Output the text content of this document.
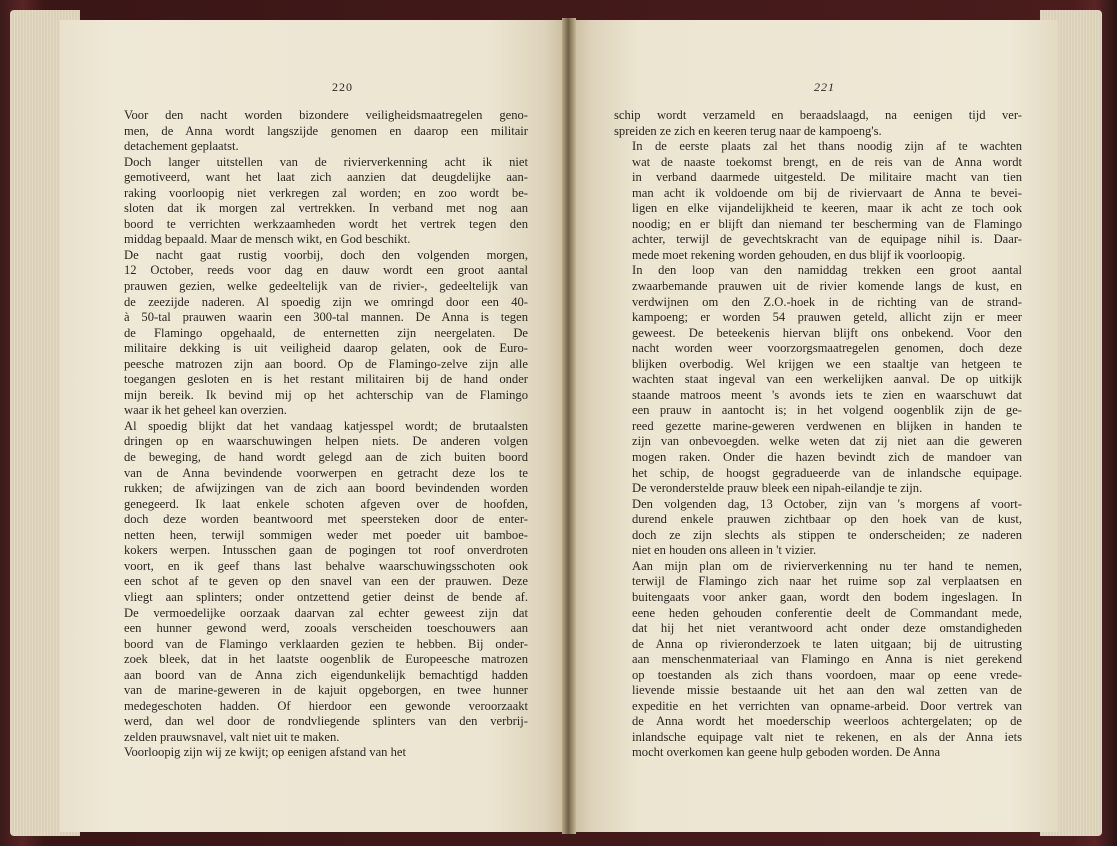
220	221

Voor den nacht worden bizondere veiligheidsmaatregelen geno-
men, de Anna wordt langszijde genomen en daarop een militair
detachement geplaatst.

Doch langer uitstellen van de rivierverkenning acht ik niet
gemotiveerd, want het laat zich aanzien dat deugdelijke aan-
raking voorloopig niet verkregen zal worden; en zoo wordt be-
sloten dat ik morgen zal vertrekken. In verband met nog aan
boord te verrichten werkzaamheden wordt het vertrek tegen den
middag bepaald. Maar de mensch wikt, en God beschikt.

De nacht gaat rustig voorbij, doch den volgenden morgen,
12 October, reeds voor dag en dauw wordt een groot aantal
prauwen gezien, welke gedeeltelijk van de rivier-, gedeeltelijk van
de zeezijde naderen. Al spoedig zijn we omringd door een 40-
à 50-tal prauwen waarin een 300-tal mannen. De Anna is tegen
de Flamingo opgehaald, de enternetten zijn neergelaten. De
militaire dekking is uit veiligheid daarop gelaten, ook de Euro-
peesche matrozen zijn aan boord. Op de Flamingo-zelve zijn alle
toegangen gesloten en is het restant militairen bij de hand onder
mijn bereik. Ik bevind mij op het achterschip van de Flamingo
waar ik het geheel kan overzien.

Al spoedig blijkt dat het vandaag katjesspel wordt; de brutaalsten
dringen op en waarschuwingen helpen niets. De anderen volgen
de beweging, de hand wordt gelegd aan de zich buiten boord
van de Anna bevindende voorwerpen en getracht deze los te
rukken; de afwijzingen van de zich aan boord bevindenden worden
genegeerd. Ik laat enkele schoten afgeven over de hoofden,
doch deze worden beantwoord met speersteken door de enter-
netten heen, terwijl sommigen weder met poeder uit bamboe-
kokers werpen. Intusschen gaan de pogingen tot roof onverdroten
voort, en ik geef thans last behalve waarschuwingsschoten ook
een schot af te geven op den snavel van een der prauwen. Deze
vliegt aan splinters; onder ontzettend getier deinst de bende af.
De vermoedelijke oorzaak daarvan zal echter geweest zijn dat
een hunner gewond werd, zooals verscheiden toeschouwers aan
boord van de Flamingo verklaarden gezien te hebben. Bij onder-
zoek bleek, dat in het laatste oogenblik de Europeesche matrozen
aan boord van de Anna zich eigendunkelijk bemachtigd hadden
van de marine-geweren in de kajuit opgeborgen, en twee hunner
medegeschoten hadden. Of hierdoor een gewonde veroorzaakt
werd, dan wel door de rondvliegende splinters van den verbrij-
zelden prauwsnavel, valt niet uit te maken.

Voorloopig zijn wij ze kwijt; op eenigen afstand van het

schip wordt verzameld en beraadslaagd, na eenigen tijd ver-
spreiden ze zich en keeren terug naar de kampoeng's.

In de eerste plaats zal het thans noodig zijn af te wachten
wat de naaste toekomst brengt, en de reis van de Anna wordt
in verband daarmede uitgesteld. De militaire macht van tien
man acht ik voldoende om bij de riviervaart de Anna te bevei-
ligen en elke vijandelijkheid te keeren, maar ik acht ze toch ook
noodig; en er blijft dan niemand ter bescherming van de Flamingo
achter, terwijl de gevechtskracht van de equipage nihil is. Daar-
mede moet rekening worden gehouden, en dus blijf ik voorloopig.

In den loop van den namiddag trekken een groot aantal
zwaarbemande prauwen uit de rivier komende langs de kust, en
verdwijnen om den Z.O.-hoek in de richting van de strand-
kampoeng; er worden 54 prauwen geteld, allicht zijn er meer
geweest. De beteekenis hiervan blijft ons onbekend. Voor den
nacht worden weer voorzorgsmaatregelen genomen, doch deze
blijken overbodig. Wel krijgen we een staaltje van hetgeen te
wachten staat ingeval van een werkelijken aanval. De op uitkijk
staande matroos meent 's avonds iets te zien en waarschuwt dat
een prauw in aantocht is; in het volgend oogenblik zijn de ge-
reed gezette marine-geweren verdwenen en blijken in handen te
zijn van onbevoegden. welke weten dat zij niet aan die geweren
mogen raken. Onder die hazen bevindt zich de mandoer van
het schip, de hoogst gegradueerde van de inlandsche equipage.
De veronderstelde prauw bleek een nipah-eilandje te zijn.

Den volgenden dag, 13 October, zijn van 's morgens af voort-
durend enkele prauwen zichtbaar op den hoek van de kust,
doch ze zijn slechts als stippen te onderscheiden; ze naderen
niet en houden ons alleen in 't vizier.

Aan mijn plan om de rivierverkenning nu ter hand te nemen,
terwijl de Flamingo zich naar het ruime sop zal verplaatsen en
buitengaats voor anker gaan, wordt den bodem ingeslagen. In
eene heden gehouden conferentie deelt de Commandant mede,
dat hij het niet verantwoord acht onder deze omstandigheden
de Anna op rivieronderzoek te laten uitgaan; bij de uitrusting
aan menschenmateriaal van Flamingo en Anna is niet gerekend
op toestanden als zich thans voordoen, maar op eene vrede-
lievende missie bestaande uit het aan den wal zetten van de
expeditie en het verrichten van opname-arbeid. Door vertrek van
de Anna wordt het moederschip weerloos achtergelaten; op de
inlandsche equipage valt niet te rekenen, en als der Anna iets
mocht overkomen kan geene hulp geboden worden. De Anna
